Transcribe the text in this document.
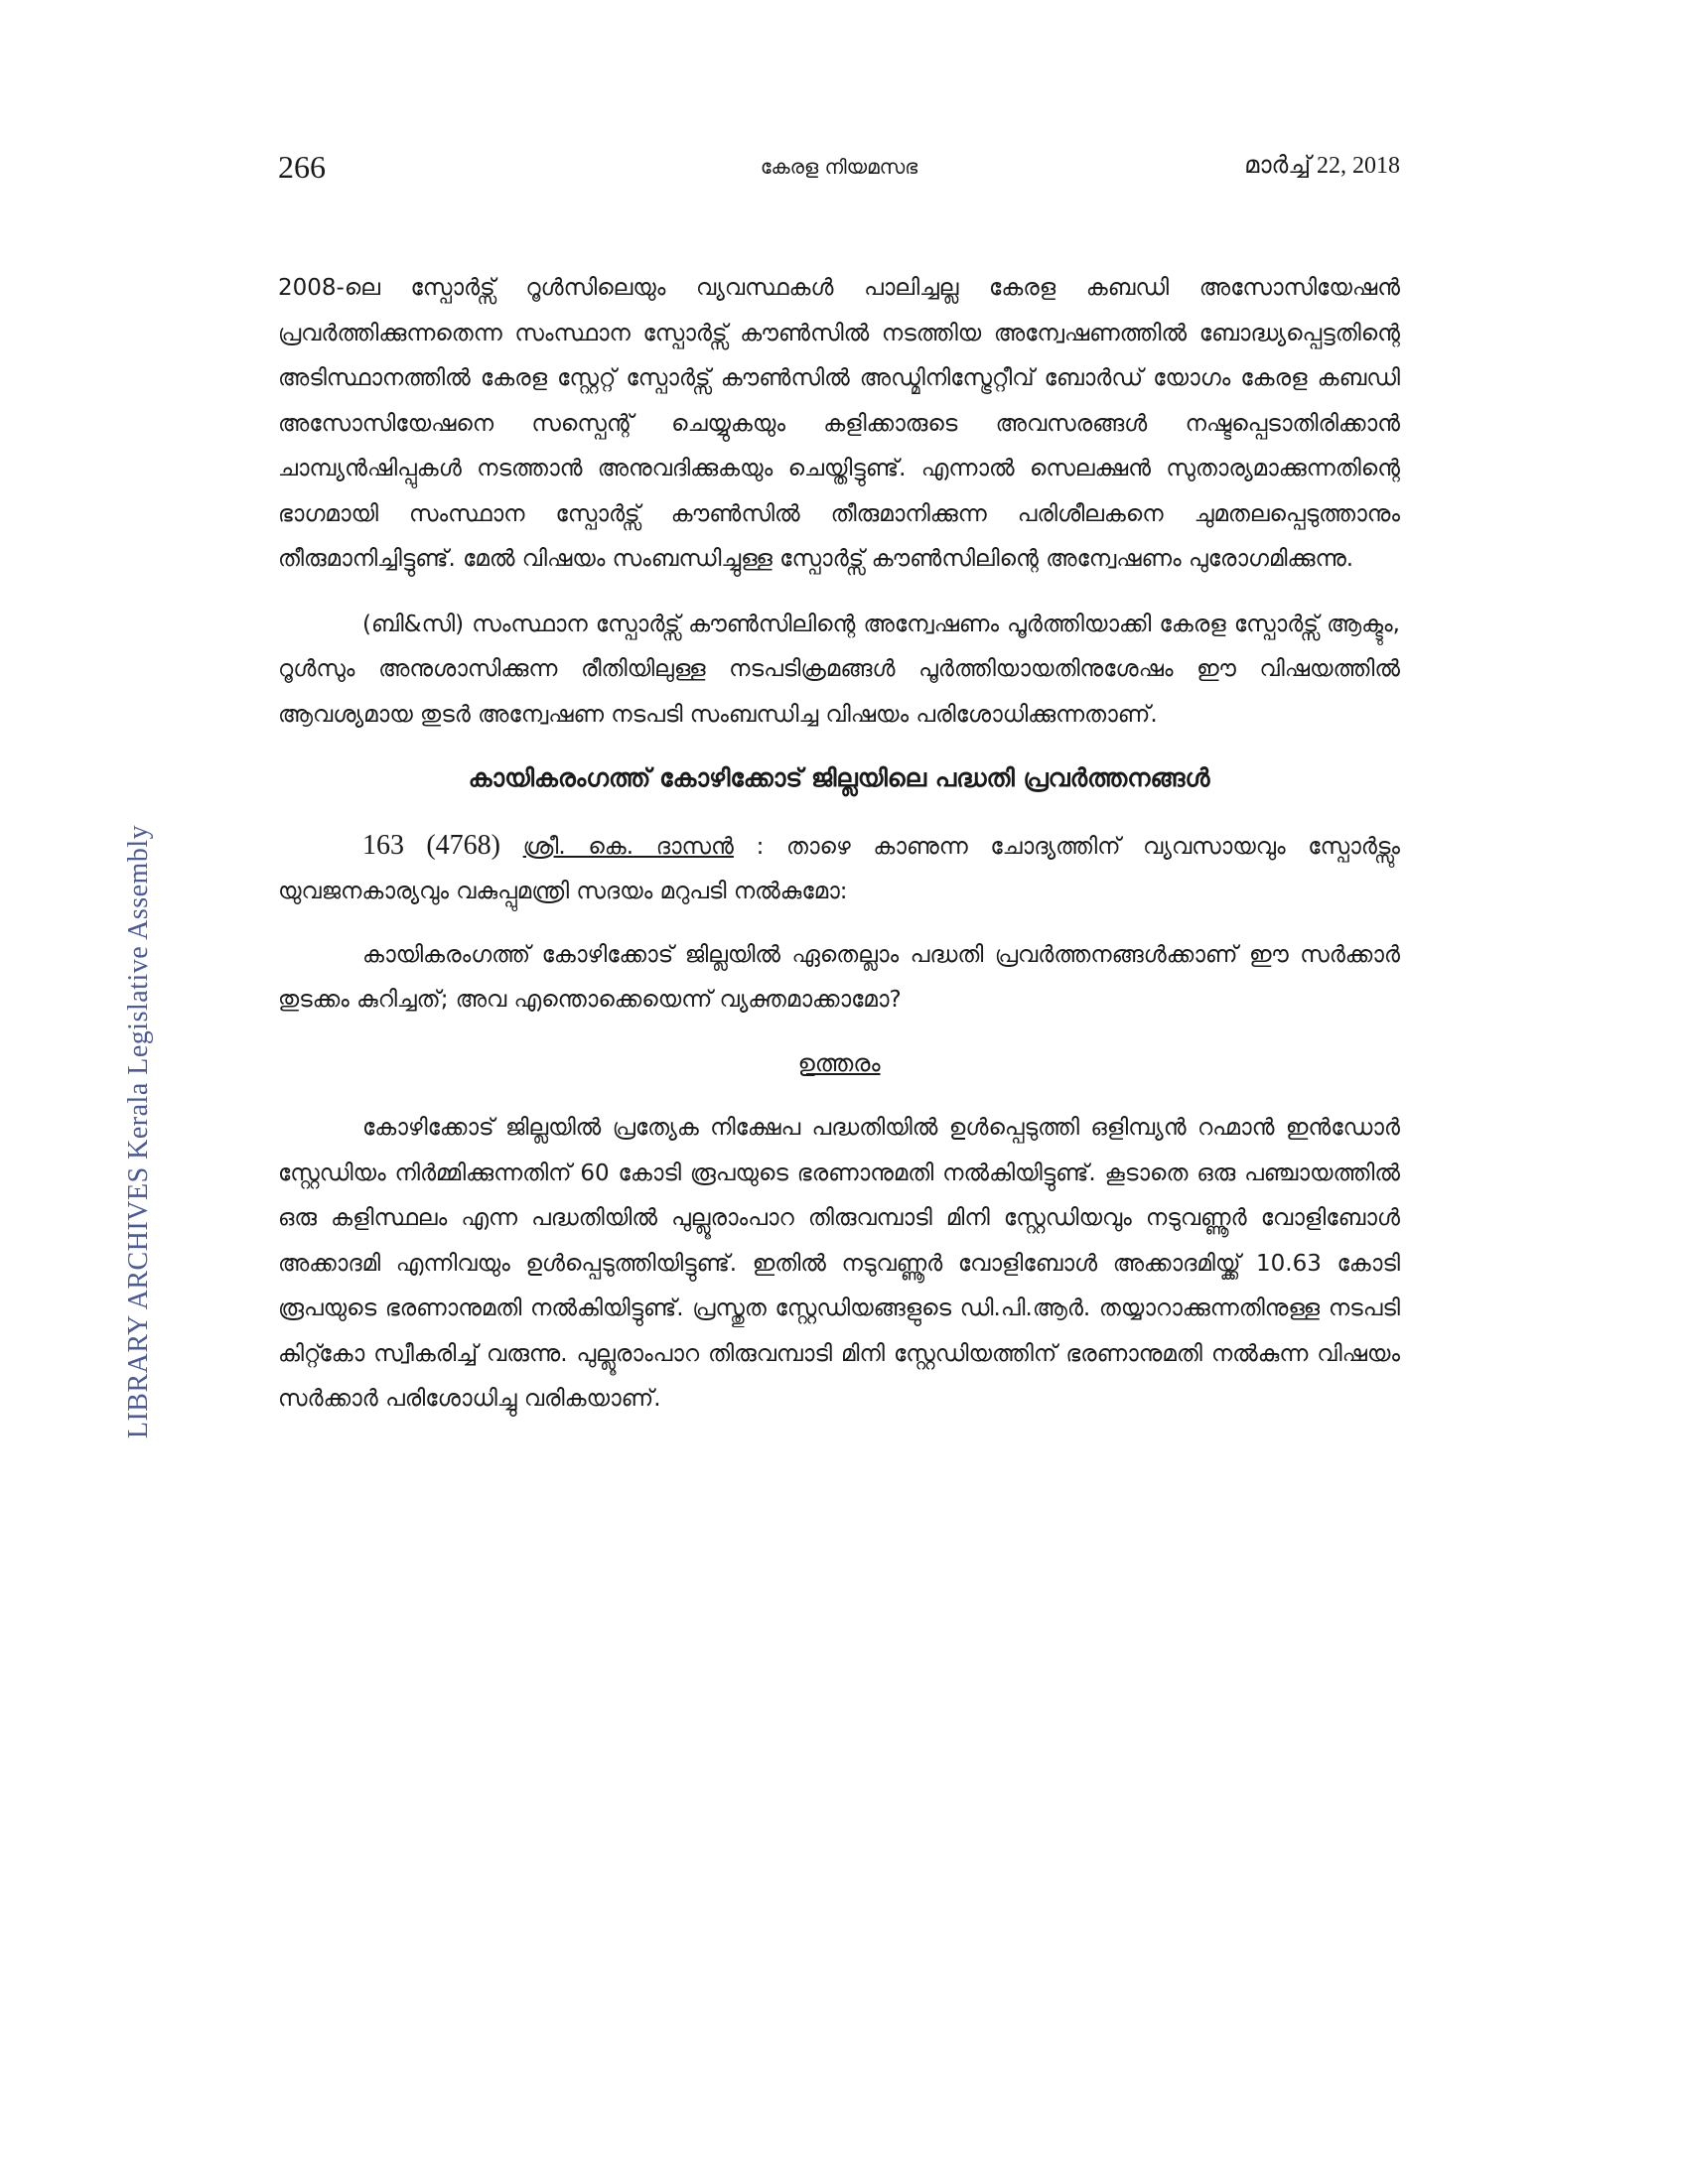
LIBRARY ARCHIVES Kerala Legislative Assembly
266	കേരള നിയമസഭ	മാർച്ച് 22, 2018

2008-ലെ സ്പോർട്സ് റൂൾസിലെയും വ്യവസ്ഥകൾ പാലിച്ചല്ല കേരള കബഡി അസോസിയേഷൻ പ്രവർത്തിക്കുന്നതെന്ന സംസ്ഥാന സ്പോർട്സ് കൗൺസിൽ നടത്തിയ അന്വേഷണത്തിൽ ബോദ്ധ്യപ്പെട്ടതിന്റെ അടിസ്ഥാനത്തിൽ കേരള സ്റ്റേറ്റ് സ്പോർട്സ് കൗൺസിൽ അഡ്മിനിസ്ട്രേറ്റീവ് ബോർഡ് യോഗം കേരള കബഡി അസോസിയേഷനെ സസ്പെന്റ് ചെയ്യുകയും കളിക്കാരുടെ അവസരങ്ങൾ നഷ്ടപ്പെടാതിരിക്കാൻ ചാമ്പ്യൻഷിപ്പുകൾ നടത്താൻ അനുവദിക്കുകയും ചെയ്തിട്ടുണ്ട്. എന്നാൽ സെലക്ഷൻ സുതാര്യമാക്കുന്നതിന്റെ ഭാഗമായി സംസ്ഥാന സ്പോർട്സ് കൗൺസിൽ തീരുമാനിക്കുന്ന പരിശീലകനെ ചുമതലപ്പെടുത്താനും തീരുമാനിച്ചിട്ടുണ്ട്. മേൽ വിഷയം സംബന്ധിച്ചുള്ള സ്പോർട്സ് കൗൺസിലിന്റെ അന്വേഷണം പുരോഗമിക്കുന്നു.

(ബി&സി) സംസ്ഥാന സ്പോർട്സ് കൗൺസിലിന്റെ അന്വേഷണം പൂർത്തിയാക്കി കേരള സ്പോർട്സ് ആക്ടും, റൂൾസും അനുശാസിക്കുന്ന രീതിയിലുള്ള നടപടിക്രമങ്ങൾ പൂർത്തിയായതിനുശേഷം ഈ വിഷയത്തിൽ ആവശ്യമായ തുടർ അന്വേഷണ നടപടി സംബന്ധിച്ച വിഷയം പരിശോധിക്കുന്നതാണ്.

കായികരംഗത്ത് കോഴിക്കോട് ജില്ലയിലെ പദ്ധതി പ്രവർത്തനങ്ങൾ

163 (4768) ശ്രീ. കെ. ദാസൻ : താഴെ കാണുന്ന ചോദ്യത്തിന് വ്യവസായവും സ്പോർട്സും യുവജനകാര്യവും വകുപ്പുമന്ത്രി സദയം മറുപടി നൽകുമോ:

കായികരംഗത്ത് കോഴിക്കോട് ജില്ലയിൽ ഏതെല്ലാം പദ്ധതി പ്രവർത്തനങ്ങൾക്കാണ് ഈ സർക്കാർ തുടക്കം കുറിച്ചത്; അവ എന്തൊക്കെയെന്ന് വ്യക്തമാക്കാമോ?

ഉത്തരം

കോഴിക്കോട് ജില്ലയിൽ പ്രത്യേക നിക്ഷേപ പദ്ധതിയിൽ ഉൾപ്പെടുത്തി ഒളിമ്പ്യൻ റഹ്മാൻ ഇൻഡോർ സ്റ്റേഡിയം നിർമ്മിക്കുന്നതിന് 60 കോടി രൂപയുടെ ഭരണാനുമതി നൽകിയിട്ടുണ്ട്. കൂടാതെ ഒരു പഞ്ചായത്തിൽ ഒരു കളിസ്ഥലം എന്ന പദ്ധതിയിൽ പുല്ലൂരാംപാറ തിരുവമ്പാടി മിനി സ്റ്റേഡിയവും നടുവണ്ണൂർ വോളിബോൾ അക്കാദമി എന്നിവയും ഉൾപ്പെടുത്തിയിട്ടുണ്ട്. ഇതിൽ നടുവണ്ണൂർ വോളിബോൾ അക്കാദമിയ്ക്ക് 10.63 കോടി രൂപയുടെ ഭരണാനുമതി നൽകിയിട്ടുണ്ട്. പ്രസ്തുത സ്റ്റേഡിയങ്ങളുടെ ഡി.പി.ആർ. തയ്യാറാക്കുന്നതിനുള്ള നടപടി കിറ്റ്കോ സ്വീകരിച്ച് വരുന്നു. പുല്ലൂരാംപാറ തിരുവമ്പാടി മിനി സ്റ്റേഡിയത്തിന് ഭരണാനുമതി നൽകുന്ന വിഷയം സർക്കാർ പരിശോധിച്ചു വരികയാണ്.
